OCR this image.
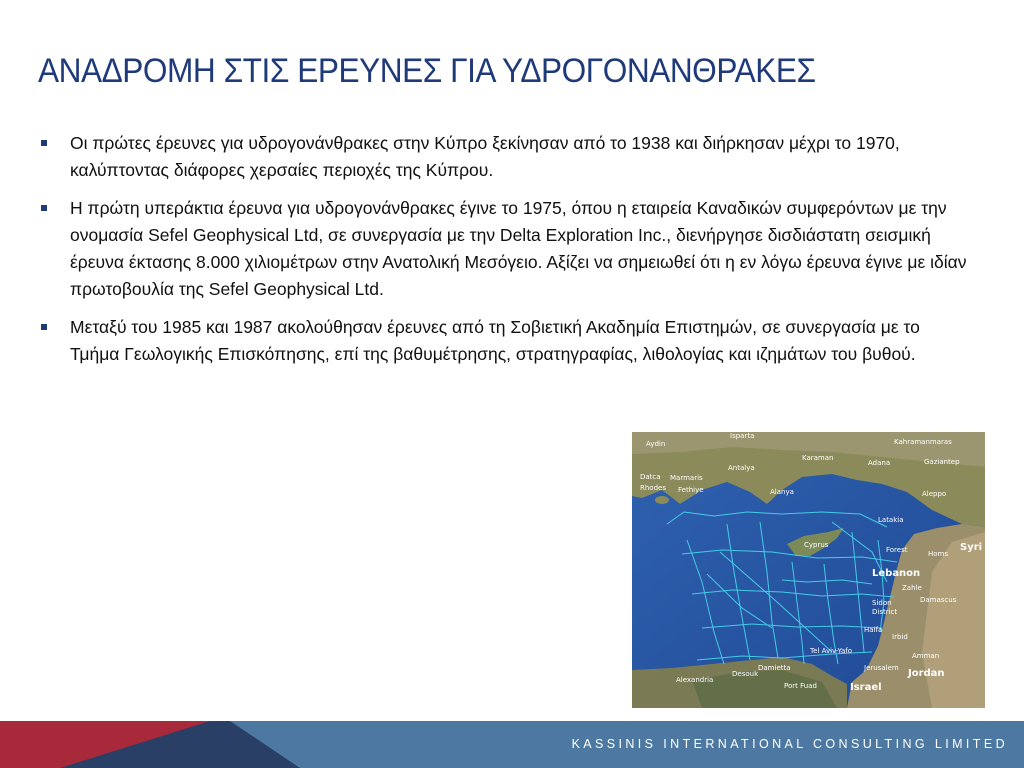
ΑΝΑΔΡΟΜΗ ΣΤΙΣ ΕΡΕΥΝΕΣ ΓΙΑ ΥΔΡΟΓΟΝΑΝΘΡΑΚΕΣ
Οι πρώτες έρευνες για υδρογονάνθρακες στην Κύπρο ξεκίνησαν από το 1938 και διήρκησαν μέχρι το 1970, καλύπτοντας διάφορες χερσαίες περιοχές της Κύπρου.
Η πρώτη υπεράκτια έρευνα για υδρογονάνθρακες έγινε το 1975, όπου η εταιρεία Καναδικών συμφερόντων με την ονομασία Sefel Geophysical Ltd, σε συνεργασία με την Delta Exploration Inc., διενήργησε δισδιάστατη σεισμική έρευνα έκτασης 8.000 χιλιομέτρων στην Ανατολική Μεσόγειο. Αξίζει να σημειωθεί ότι η εν λόγω έρευνα έγινε με ιδίαν πρωτοβουλία της Sefel Geophysical Ltd.
Μεταξύ του 1985 και 1987 ακολούθησαν έρευνες από τη Σοβιετική Ακαδημία Επιστημών, σε συνεργασία με το Τμήμα Γεωλογικής Επισκόπησης, επί της βαθυμέτρησης, στρατηγραφίας, λιθολογίας και ιζημάτων του βυθού.
Aydin
Isparta
Kahramanmaras
Karaman
Adana	Gaziantep
Antalya
Marmaris
Datca
Fethiye
Rhodes	Alanya	Aleppo
Latakia
Cyprus	Syri
Forest	Homs
Lebanon
Zahle
Damascus
Sidon
District
Haifa
Irbid
Tel Aviv-Yafo
Amman
Jerusalem Jordan
Damietta
Alexandria
Desouk
Port Fuad	Israel
KASSINIS INTERNATIONAL CONSULTING LIMITED
